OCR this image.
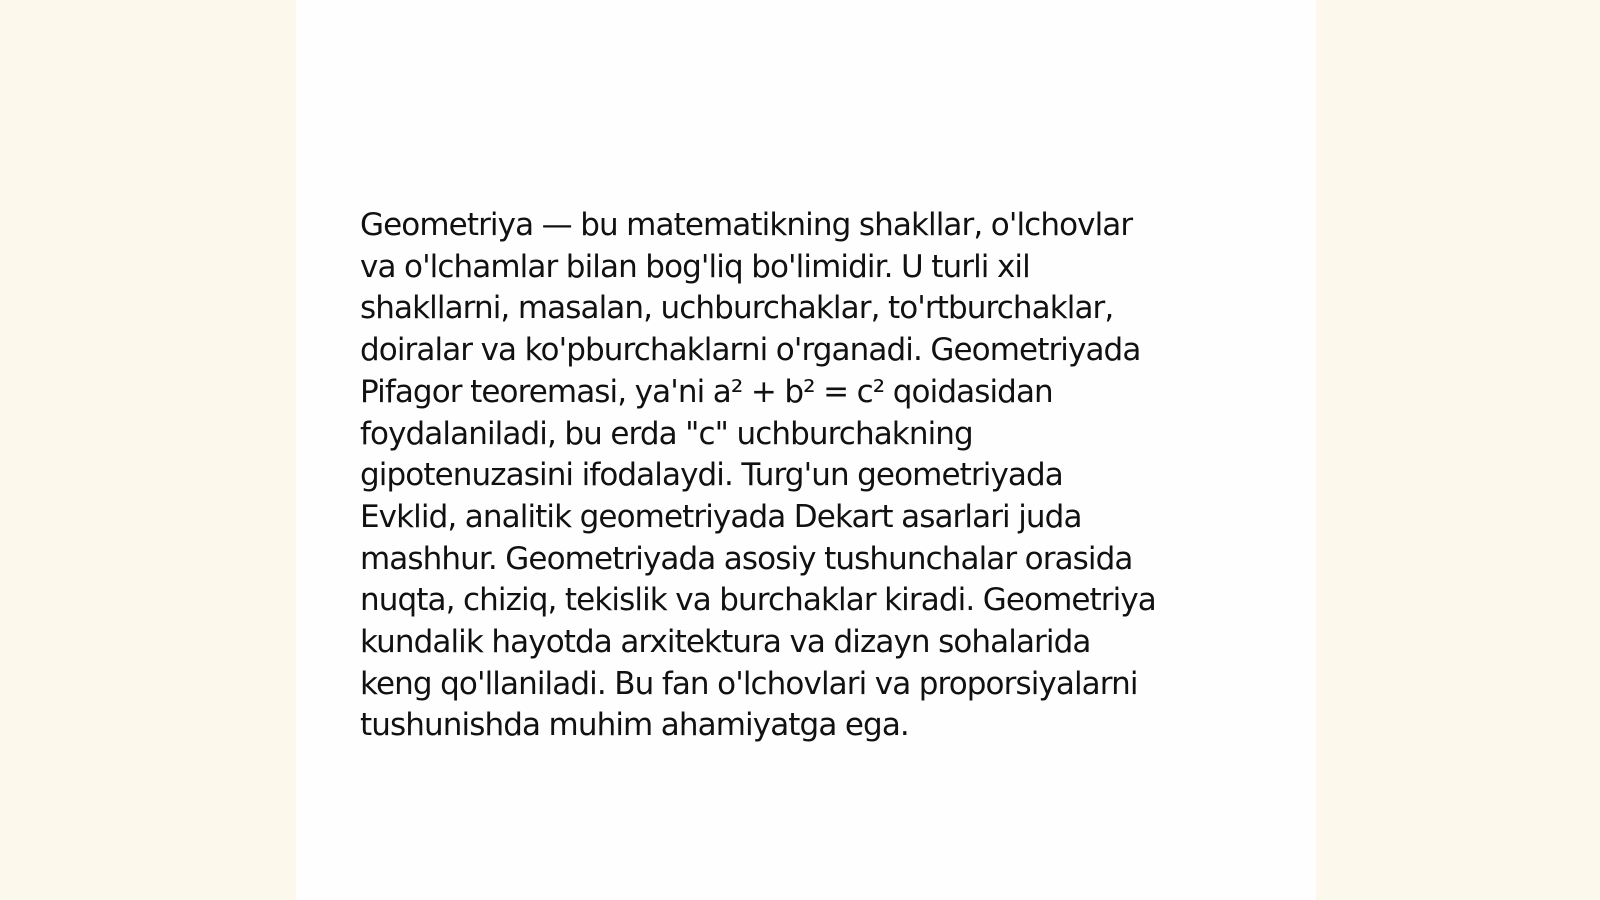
Geometriya — bu matematikning shakllar, o'lchovlar
va o'lchamlar bilan bog'liq bo'limidir. U turli xil
shakllarni, masalan, uchburchaklar, to'rtburchaklar,
doiralar va ko'pburchaklarni o'rganadi. Geometriyada
Pifagor teoremasi, ya'ni a² + b² = c² qoidasidan
foydalaniladi, bu erda "c" uchburchakning
gipotenuzasini ifodalaydi. Turg'un geometriyada
Evklid, analitik geometriyada Dekart asarlari juda
mashhur. Geometriyada asosiy tushunchalar orasida
nuqta, chiziq, tekislik va burchaklar kiradi. Geometriya
kundalik hayotda arxitektura va dizayn sohalarida
keng qo'llaniladi. Bu fan o'lchovlari va proporsiyalarni
tushunishda muhim ahamiyatga ega.
